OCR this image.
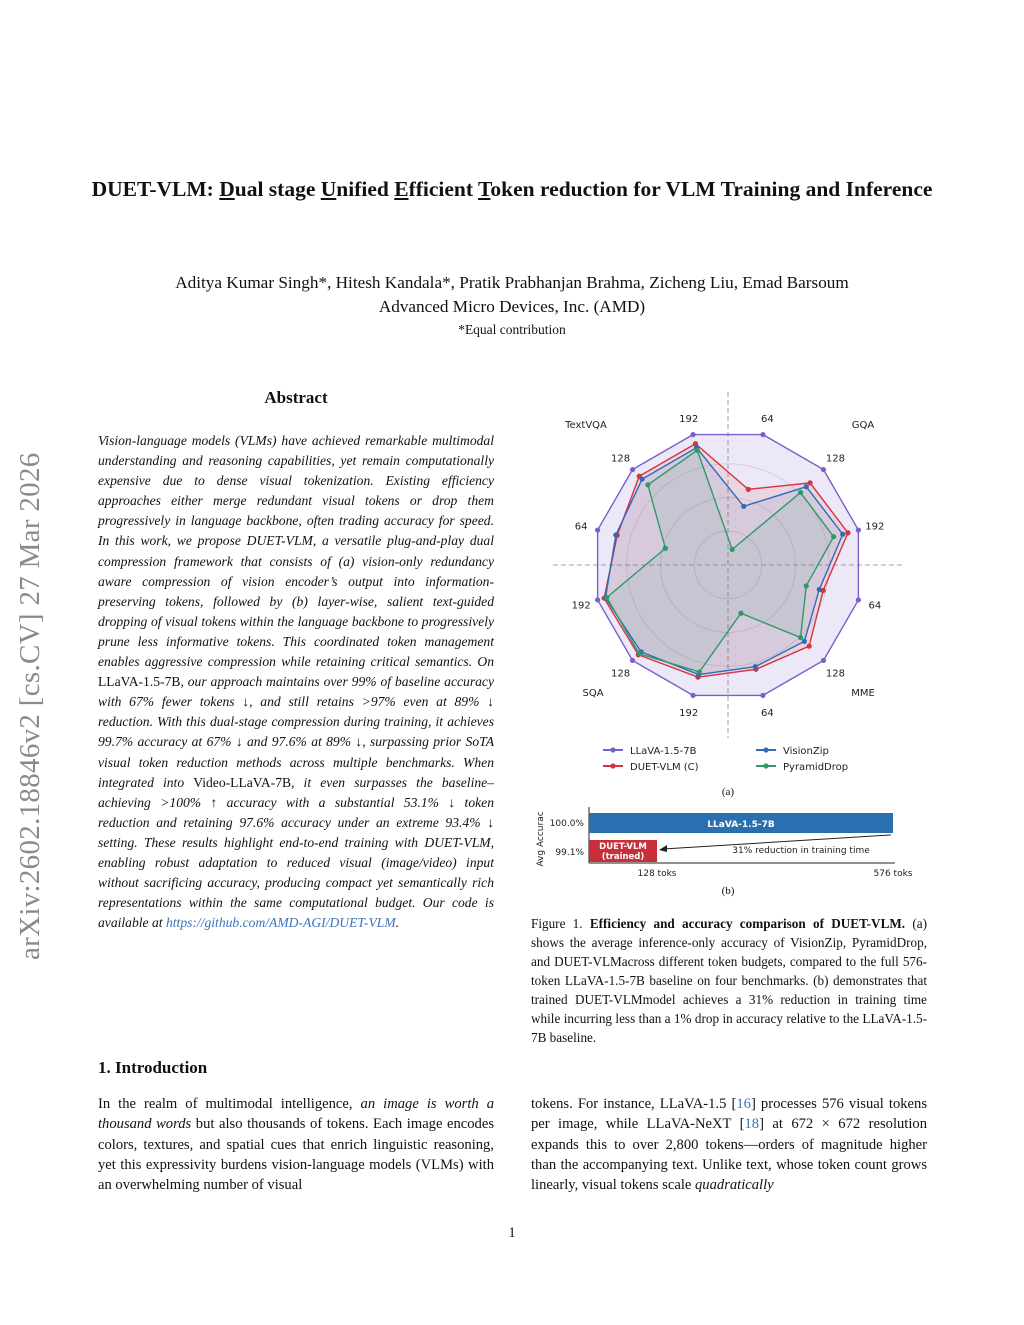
arXiv:2602.18846v2 [cs.CV] 27 Mar 2026
DUET-VLM: Dual stage Unified Efficient Token reduction for VLM Training and Inference
Aditya Kumar Singh*, Hitesh Kandala*, Pratik Prabhanjan Brahma, Zicheng Liu, Emad Barsoum
Advanced Micro Devices, Inc. (AMD)
*Equal contribution
Abstract
Vision-language models (VLMs) have achieved remarkable multimodal understanding and reasoning capabilities, yet remain computationally expensive due to dense visual tokenization. Existing efficiency approaches either merge redundant visual tokens or drop them progressively in language backbone, often trading accuracy for speed. In this work, we propose DUET-VLM, a versatile plug-and-play dual compression framework that consists of (a) vision-only redundancy aware compression of vision encoder’s output into information-preserving tokens, followed by (b) layer-wise, salient text-guided dropping of visual tokens within the language backbone to progressively prune less informative tokens. This coordinated token management enables aggressive compression while retaining critical semantics. On LLaVA-1.5-7B, our approach maintains over 99% of baseline accuracy with 67% fewer tokens ↓, and still retains >97% even at 89% ↓ reduction. With this dual-stage compression during training, it achieves 99.7% accuracy at 67% ↓ and 97.6% at 89% ↓, surpassing prior SoTA visual token reduction methods across multiple benchmarks. When integrated into Video-LLaVA-7B, it even surpasses the baseline–achieving >100% ↑ accuracy with a substantial 53.1% ↓ token reduction and retaining 97.6% accuracy under an extreme 93.4% ↓ setting. These results highlight end-to-end training with DUET-VLM, enabling robust adaptation to reduced visual (image/video) input without sacrificing accuracy, producing compact yet semantically rich representations within the same computational budget. Our code is available at https://github.com/AMD-AGI/DUET-VLM.
192	64
128
192
64
128
64
192
128
192
64
128
TextVQA	GQA
MME
SQA
LLaVA-1.5-7B	VisionZip
DUET-VLM (C)	PyramidDrop
(a)
Avg Accurac 100.0%
99.1%
128 toks	576 toks
LLaVA-1.5-7B
DUET-VLM
(trained)
31% reduction in training time
(b)
Figure 1. Efficiency and accuracy comparison of DUET-VLM. (a) shows the average inference-only accuracy of VisionZip, PyramidDrop, and DUET-VLMacross different token budgets, compared to the full 576-token LLaVA-1.5-7B baseline on four benchmarks. (b) demonstrates that trained DUET-VLMmodel achieves a 31% reduction in training time while incurring less than a 1% drop in accuracy relative to the LLaVA-1.5-7B baseline.
1. Introduction
In the realm of multimodal intelligence, an image is worth a thousand words but also thousands of tokens. Each image encodes colors, textures, and spatial cues that enrich linguistic reasoning, yet this expressivity burdens vision-language models (VLMs) with an overwhelming number of visual
tokens. For instance, LLaVA-1.5 [16] processes 576 visual tokens per image, while LLaVA-NeXT [18] at 672 × 672 resolution expands this to over 2,800 tokens—orders of magnitude higher than the accompanying text. Unlike text, whose token count grows linearly, visual tokens scale quadratically
1
